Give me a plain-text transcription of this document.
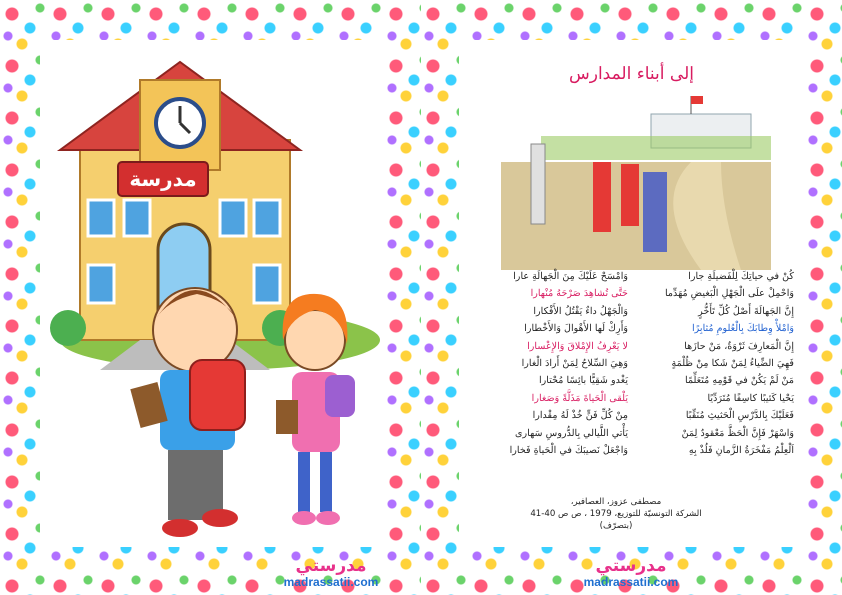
مدرسة
مدرستي
madrassatii.com
إلى أبناء المدارس
كُنْ في حياتِكَ لِلْفَضيلَةِ جارا
وَاحْمِلْ علَى الْجَهْلِ الْبَغيضِ مُهَدِّما
إِنَّ الجَهالَةَ أَصْلُ كُلِّ تَأَخُّرٍ
وَامْلأْ وِطابَكَ بِالْعُلومِ مُثابِرًا
إِنَّ الْمَعارِفَ ثَرْوَةٌ، مَنْ حازَها
فَهِيَ الضِّياءُ لِمَنْ شَكا مِنْ ظُلْمَةٍ
مَنْ لَمْ يَكُنْ في قَوْمِهِ مُتَعَلِّمًا
يَحْيا كَئيبًا كاسِفًا مُتَرَدِّيًا
فَعَلَيْكَ بِالدَّرْسِ الْحَثيثِ مُنَقِّبًا
وَاسْهَرْ فَإِنَّ الْحَظَّ مَعْقودٌ لِمَنْ
اَلْعِلْمُ مَفْخَرَةُ الزَّمانِ فَلُذْ بِهِ
وَامْسَحْ عَلَيْكَ مِنَ الْجَهالَةِ عارا
حَتَّى تُشاهِدَ صَرْحَهُ مُنْهارا
وَالْجَهْلُ داءٌ يَقْتُلُ الأَفْكارا
وَأَرِكْ لَها الأَهْوالَ وَالأَخْطارا
لا يَعْرِفُ الإِمْلاقَ وَالإِعْسارا
وَهِيَ السِّلاحُ لِمَنْ أَرادَ الْغارا
يَغْدو شَقِيًّا بائِسًا مُحْتارا
يَلْقى الْحَياةَ مَذَلَّةً وَصَغارا
مِنْ كُلِّ فَنٍّ خُذْ لَهُ مِقْدارا
يَأْتي اللَّيالي بِالدُّروسِ سَهارى
وَاجْعَلْ نَصيبَكَ في الْحَياةِ فَخارا
مصطفى عزوز، العصافير،
الشركة التونسيّة للتوزيع، 1979 ، ص ص 40-41
(بتصرّف)
مدرستي
madrassatii.com
